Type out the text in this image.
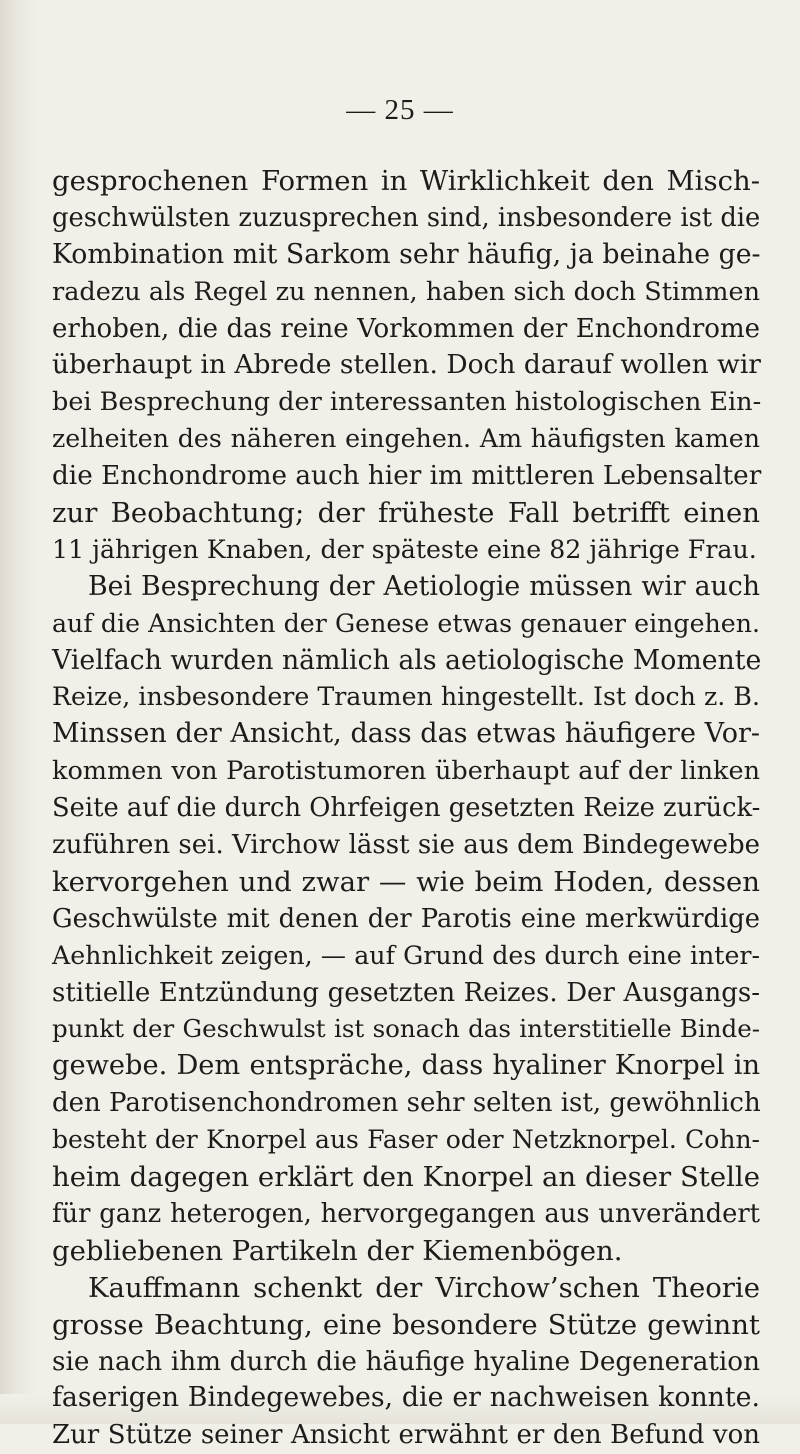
— 25 —
gesprochenen Formen in Wirklichkeit den Misch-
geschwülsten zuzusprechen sind, insbesondere ist die
Kombination mit Sarkom sehr häufig, ja beinahe ge-
radezu als Regel zu nennen, haben sich doch Stimmen
erhoben, die das reine Vorkommen der Enchondrome
überhaupt in Abrede stellen. Doch darauf wollen wir
bei Besprechung der interessanten histologischen Ein-
zelheiten des näheren eingehen. Am häufigsten kamen
die Enchondrome auch hier im mittleren Lebensalter
zur Beobachtung; der früheste Fall betrifft einen
11 jährigen Knaben, der späteste eine 82 jährige Frau.
Bei Besprechung der Aetiologie müssen wir auch
auf die Ansichten der Genese etwas genauer eingehen.
Vielfach wurden nämlich als aetiologische Momente
Reize, insbesondere Traumen hingestellt. Ist doch z. B.
Minssen der Ansicht, dass das etwas häufigere Vor-
kommen von Parotistumoren überhaupt auf der linken
Seite auf die durch Ohrfeigen gesetzten Reize zurück-
zuführen sei. Virchow lässt sie aus dem Bindegewebe
kervorgehen und zwar — wie beim Hoden, dessen
Geschwülste mit denen der Parotis eine merkwürdige
Aehnlichkeit zeigen, — auf Grund des durch eine inter-
stitielle Entzündung gesetzten Reizes. Der Ausgangs-
punkt der Geschwulst ist sonach das interstitielle Binde-
gewebe. Dem entspräche, dass hyaliner Knorpel in
den Parotisenchondromen sehr selten ist, gewöhnlich
besteht der Knorpel aus Faser oder Netzknorpel. Cohn-
heim dagegen erklärt den Knorpel an dieser Stelle
für ganz heterogen, hervorgegangen aus unverändert
gebliebenen Partikeln der Kiemenbögen.
Kauffmann schenkt der Virchow’schen Theorie
grosse Beachtung, eine besondere Stütze gewinnt
sie nach ihm durch die häufige hyaline Degeneration
faserigen Bindegewebes, die er nachweisen konnte.
Zur Stütze seiner Ansicht erwähnt er den Befund von
